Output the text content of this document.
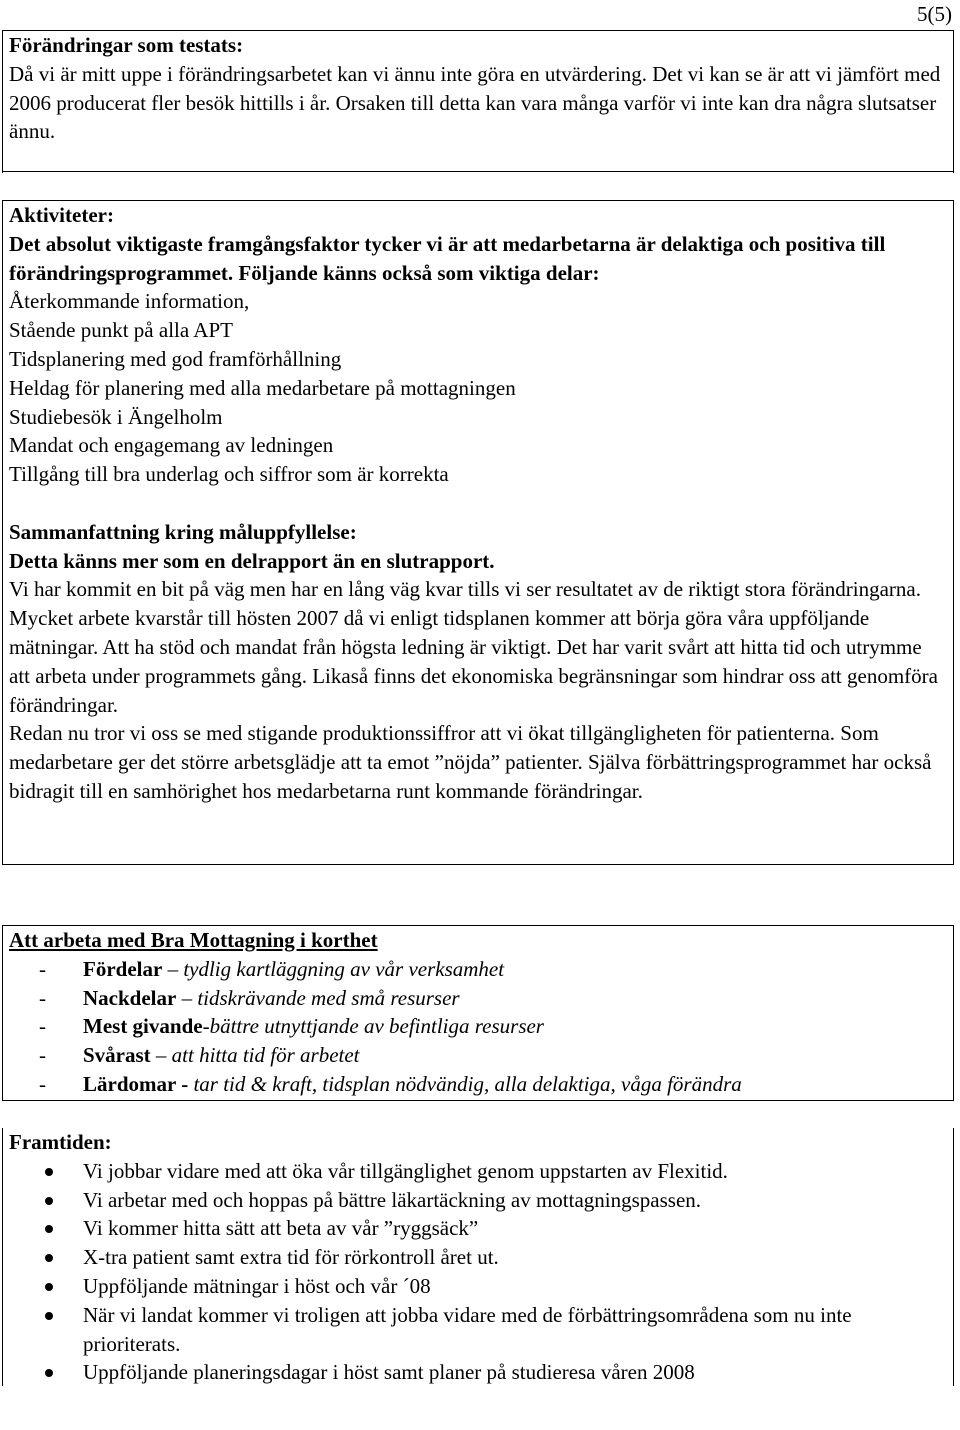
5(5)

Förändringar som testats:

Då vi är mitt uppe i förändringsarbetet kan vi ännu inte göra en utvärdering. Det vi kan se är att vi jämfört med 2006 producerat fler besök hittills i år. Orsaken till detta kan vara många varför vi inte kan dra några slutsatser ännu.

Aktiviteter:

Det absolut viktigaste framgångsfaktor tycker vi är att medarbetarna är delaktiga och positiva till förändringsprogrammet. Följande känns också som viktiga delar:

Återkommande information,

Stående punkt på alla APT

Tidsplanering med god framförhållning

Heldag för planering med alla medarbetare på mottagningen

Studiebesök i Ängelholm

Mandat och engagemang av ledningen

Tillgång till bra underlag och siffror som är korrekta

Sammanfattning kring måluppfyllelse:

Detta känns mer som en delrapport än en slutrapport.

Vi har kommit en bit på väg men har en lång väg kvar tills vi ser resultatet av de riktigt stora förändringarna. Mycket arbete kvarstår till hösten 2007 då vi enligt tidsplanen kommer att börja göra våra uppföljande mätningar. Att ha stöd och mandat från högsta ledning är viktigt. Det har varit svårt att hitta tid och utrymme att arbeta under programmets gång. Likaså finns det ekonomiska begränsningar som hindrar oss att genomföra förändringar.

Redan nu tror vi oss se med stigande produktionssiffror att vi ökat tillgängligheten för patienterna. Som medarbetare ger det större arbetsglädje att ta emot ”nöjda” patienter. Själva förbättringsprogrammet har också bidragit till en samhörighet hos medarbetarna runt kommande förändringar.

Att arbeta med Bra Mottagning i korthet

- Fördelar – tydlig kartläggning av vår verksamhet
- Nackdelar – tidskrävande med små resurser
- Mest givande-bättre utnyttjande av befintliga resurser
- Svårast – att hitta tid för arbetet
- Lärdomar - tar tid & kraft, tidsplan nödvändig, alla delaktiga, våga förändra

Framtiden:

Vi jobbar vidare med att öka vår tillgänglighet genom uppstarten av Flexitid.
Vi arbetar med och hoppas på bättre läkartäckning av mottagningspassen.
Vi kommer hitta sätt att beta av vår ”ryggsäck”
X-tra patient samt extra tid för rörkontroll året ut.
Uppföljande mätningar i höst och vår ´08
När vi landat kommer vi troligen att jobba vidare med de förbättringsområdena som nu inte prioriterats.
Uppföljande planeringsdagar i höst samt planer på studieresa våren 2008
